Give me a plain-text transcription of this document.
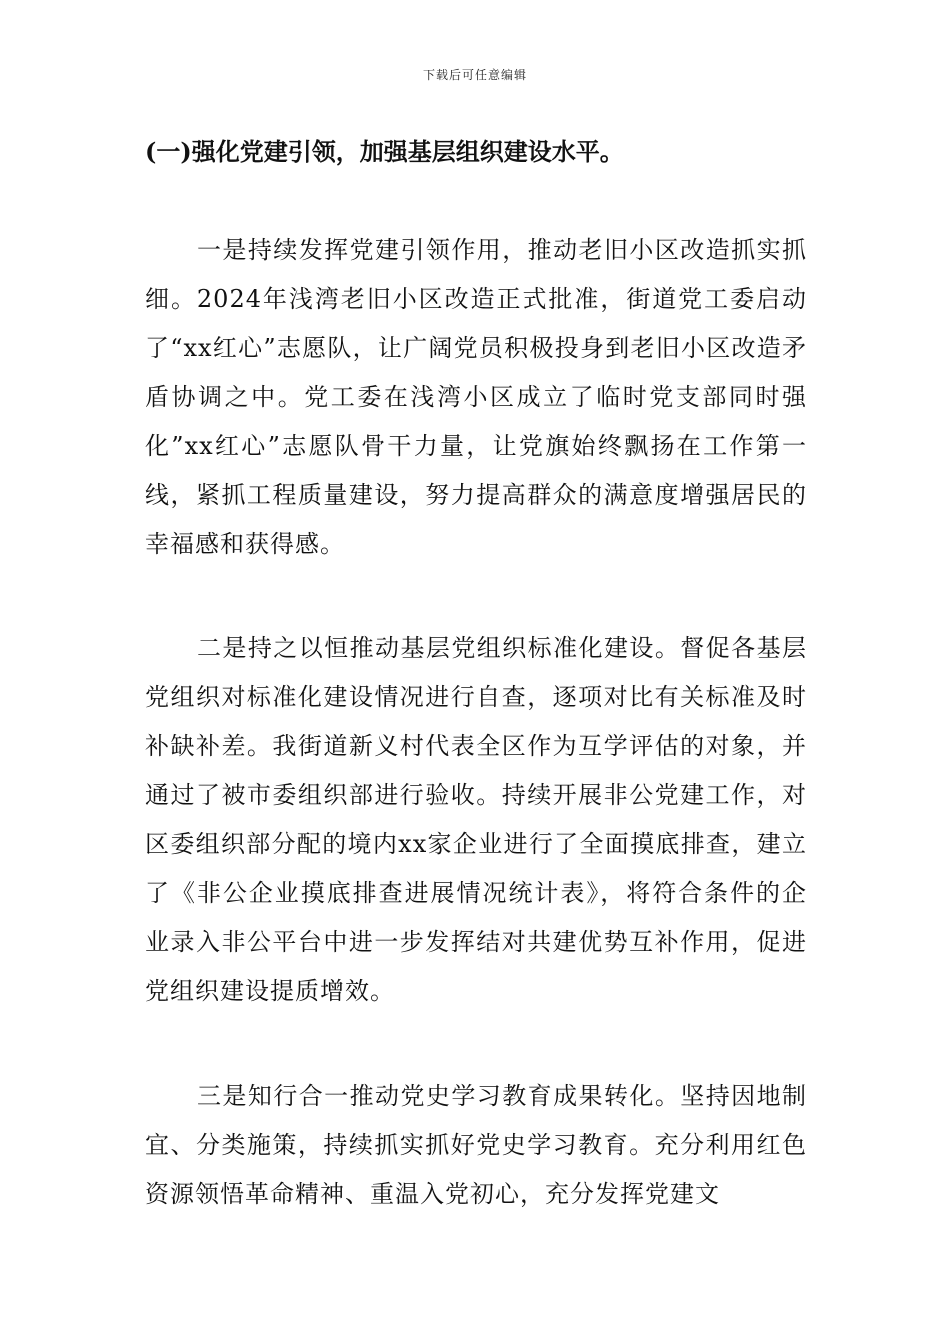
下载后可任意编辑
(一)强化党建引领，加强基层组织建设水平。

一是持续发挥党建引领作用，推动老旧小区改造抓实抓细。2024年浅湾老旧小区改造正式批准，街道党工委启动了“xx红心”志愿队，让广阔党员积极投身到老旧小区改造矛盾协调之中。党工委在浅湾小区成立了临时党支部同时强化”xx红心”志愿队骨干力量，让党旗始终飘扬在工作第一线，紧抓工程质量建设，努力提高群众的满意度增强居民的幸福感和获得感。

二是持之以恒推动基层党组织标准化建设。督促各基层党组织对标准化建设情况进行自查，逐项对比有关标准及时补缺补差。我街道新义村代表全区作为互学评估的对象，并通过了被市委组织部进行验收。持续开展非公党建工作，对区委组织部分配的境内xx家企业进行了全面摸底排查，建立了《非公企业摸底排查进展情况统计表》，将符合条件的企业录入非公平台中进一步发挥结对共建优势互补作用，促进党组织建设提质增效。

三是知行合一推动党史学习教育成果转化。坚持因地制宜、分类施策，持续抓实抓好党史学习教育。充分利用红色资源领悟革命精神、重温入党初心，充分发挥党建文
